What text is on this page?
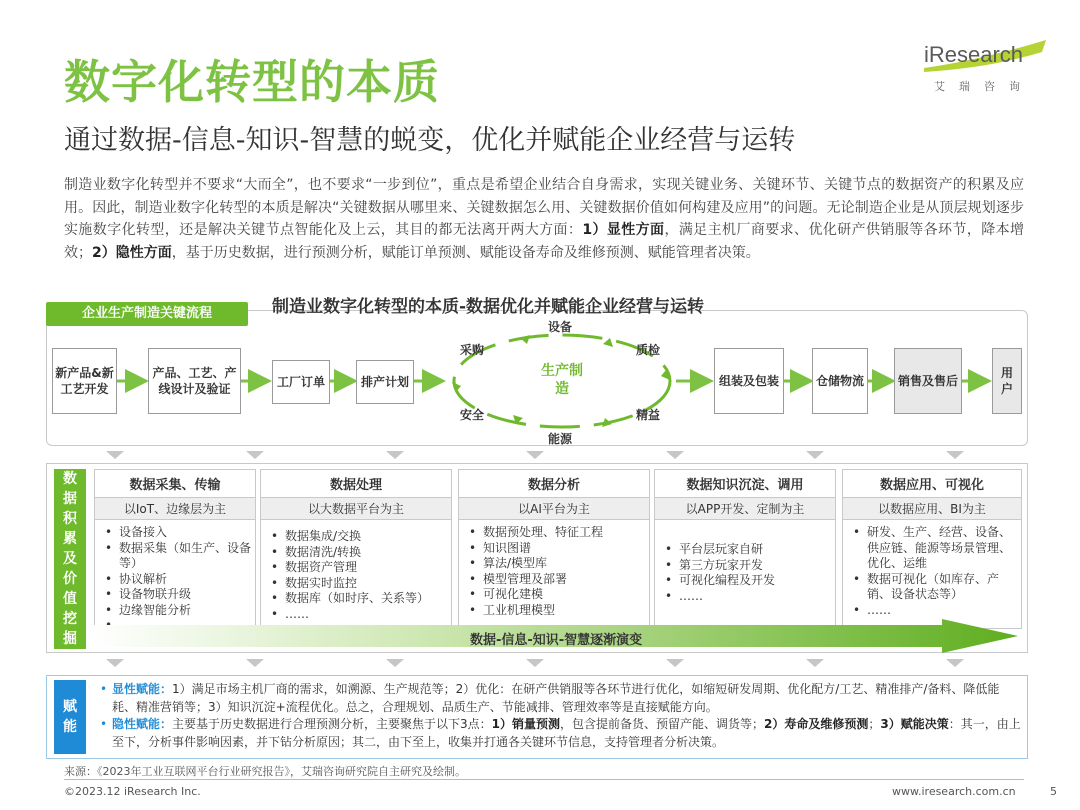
数字化转型的本质
通过数据-信息-知识-智慧的蜕变，优化并赋能企业经营与运转
iResearch
艾瑞咨询
制造业数字化转型并不要求“大而全”，也不要求“一步到位”，重点是希望企业结合自身需求，实现关键业务、关键环节、关键节点的数据资产的积累及应用。因此，制造业数字化转型的本质是解决“关键数据从哪里来、关键数据怎么用、关键数据价值如何构建及应用”的问题。无论制造企业是从顶层规划逐步实施数字化转型，还是解决关键节点智能化及上云，其目的都无法离开两大方面：1）显性方面，满足主机厂商要求、优化研产供销服等各环节，降本增效；2）隐性方面，基于历史数据，进行预测分析，赋能订单预测、赋能设备寿命及维修预测、赋能管理者决策。
企业生产制造关键流程	制造业数字化转型的本质-数据优化并赋能企业经营与运转
新产品&新工艺开发
产品、工艺、产线设计及验证	工厂订单	排产计划	组装及包装	仓储物流	销售及售后
用户
设备
采购	质检
安全	精益
能源
生产制造
数据积累及价值挖掘
数据采集、传输
以IoT、边缘层为主
• 设备接入
• 数据采集（如生产、设备等）
• 协议解析
• 设备物联升级
• 边缘智能分析
•
数据处理
以大数据平台为主
• 数据集成/交换
• 数据清洗/转换
• 数据资产管理
• 数据实时监控
• 数据库（如时序、关系等）
• ……
数据分析
以AI平台为主
• 数据预处理、特征工程
• 知识图谱
• 算法/模型库
• 模型管理及部署
• 可视化建模
• 工业机理模型
数据知识沉淀、调用
以APP开发、定制为主
• 平台层玩家自研
• 第三方玩家开发
• 可视化编程及开发
• ……
数据应用、可视化
以数据应用、BI为主
• 研发、生产、经营、设备、供应链、能源等场景管理、优化、运维
• 数据可视化（如库存、产销、设备状态等）
• ……
数据-信息-知识-智慧逐渐演变
赋能

• 显性赋能：1）满足市场主机厂商的需求，如溯源、生产规范等；2）优化：在研产供销服等各环节进行优化，如缩短研发周期、优化配方/工艺、精准排产/备料、降低能耗、精准营销等；3）知识沉淀+流程优化。总之，合理规划、品质生产、节能减排、管理效率等是直接赋能方向。

• 隐性赋能：主要基于历史数据进行合理预测分析，主要聚焦于以下3点：1）销量预测，包含提前备货、预留产能、调货等；2）寿命及维修预测；3）赋能决策：其一，由上至下，分析事件影响因素，并下钻分析原因；其二，由下至上，收集并打通各关键环节信息，支持管理者分析决策。

来源：《2023年工业互联网平台行业研究报告》，艾瑞咨询研究院自主研究及绘制。
©2023.12 iResearch Inc.	www.iresearch.com.cn	5
